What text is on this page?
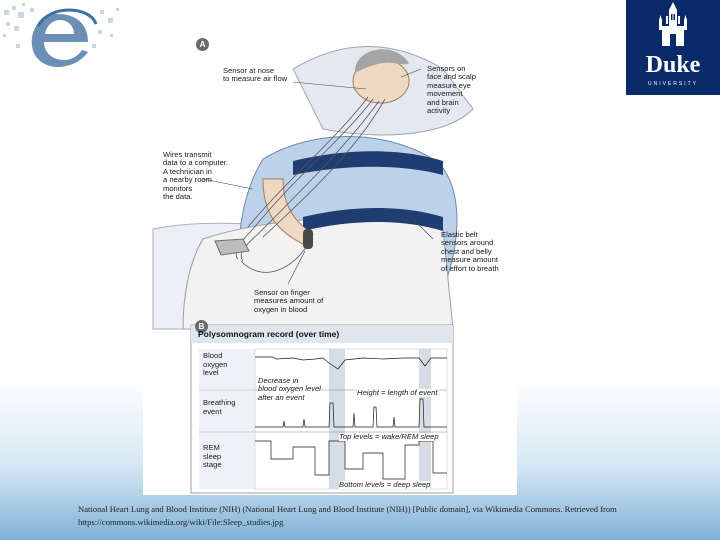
Duke
UNIVERSITY
A
Sensor at nose
to measure air flow
Sensors on
face and scalp
measure eye
movement
and brain
activity
Wires transmit
data to a computer.
A technician in
a nearby room
monitors
the data.
Elastic belt
sensors around
chest and belly
measure amount
of effort to breath
Sensor on finger
measures amount of
oxygen in blood
B
Polysomnogram record (over time)
Blood
oxygen
level
Breathing
event
REM
sleep
stage
Decrease in
blood oxygen level
after an event
Height = length of event
Top levels = wake/REM sleep
Bottom levels = deep sleep
National Heart Lung and Blood Institute (NIH) (National Heart Lung and Blood Institute (NIH)) [Public domain], via Wikimedia Commons. Retrieved from https://commons.wikimedia.org/wiki/File:Sleep_studies.jpg
